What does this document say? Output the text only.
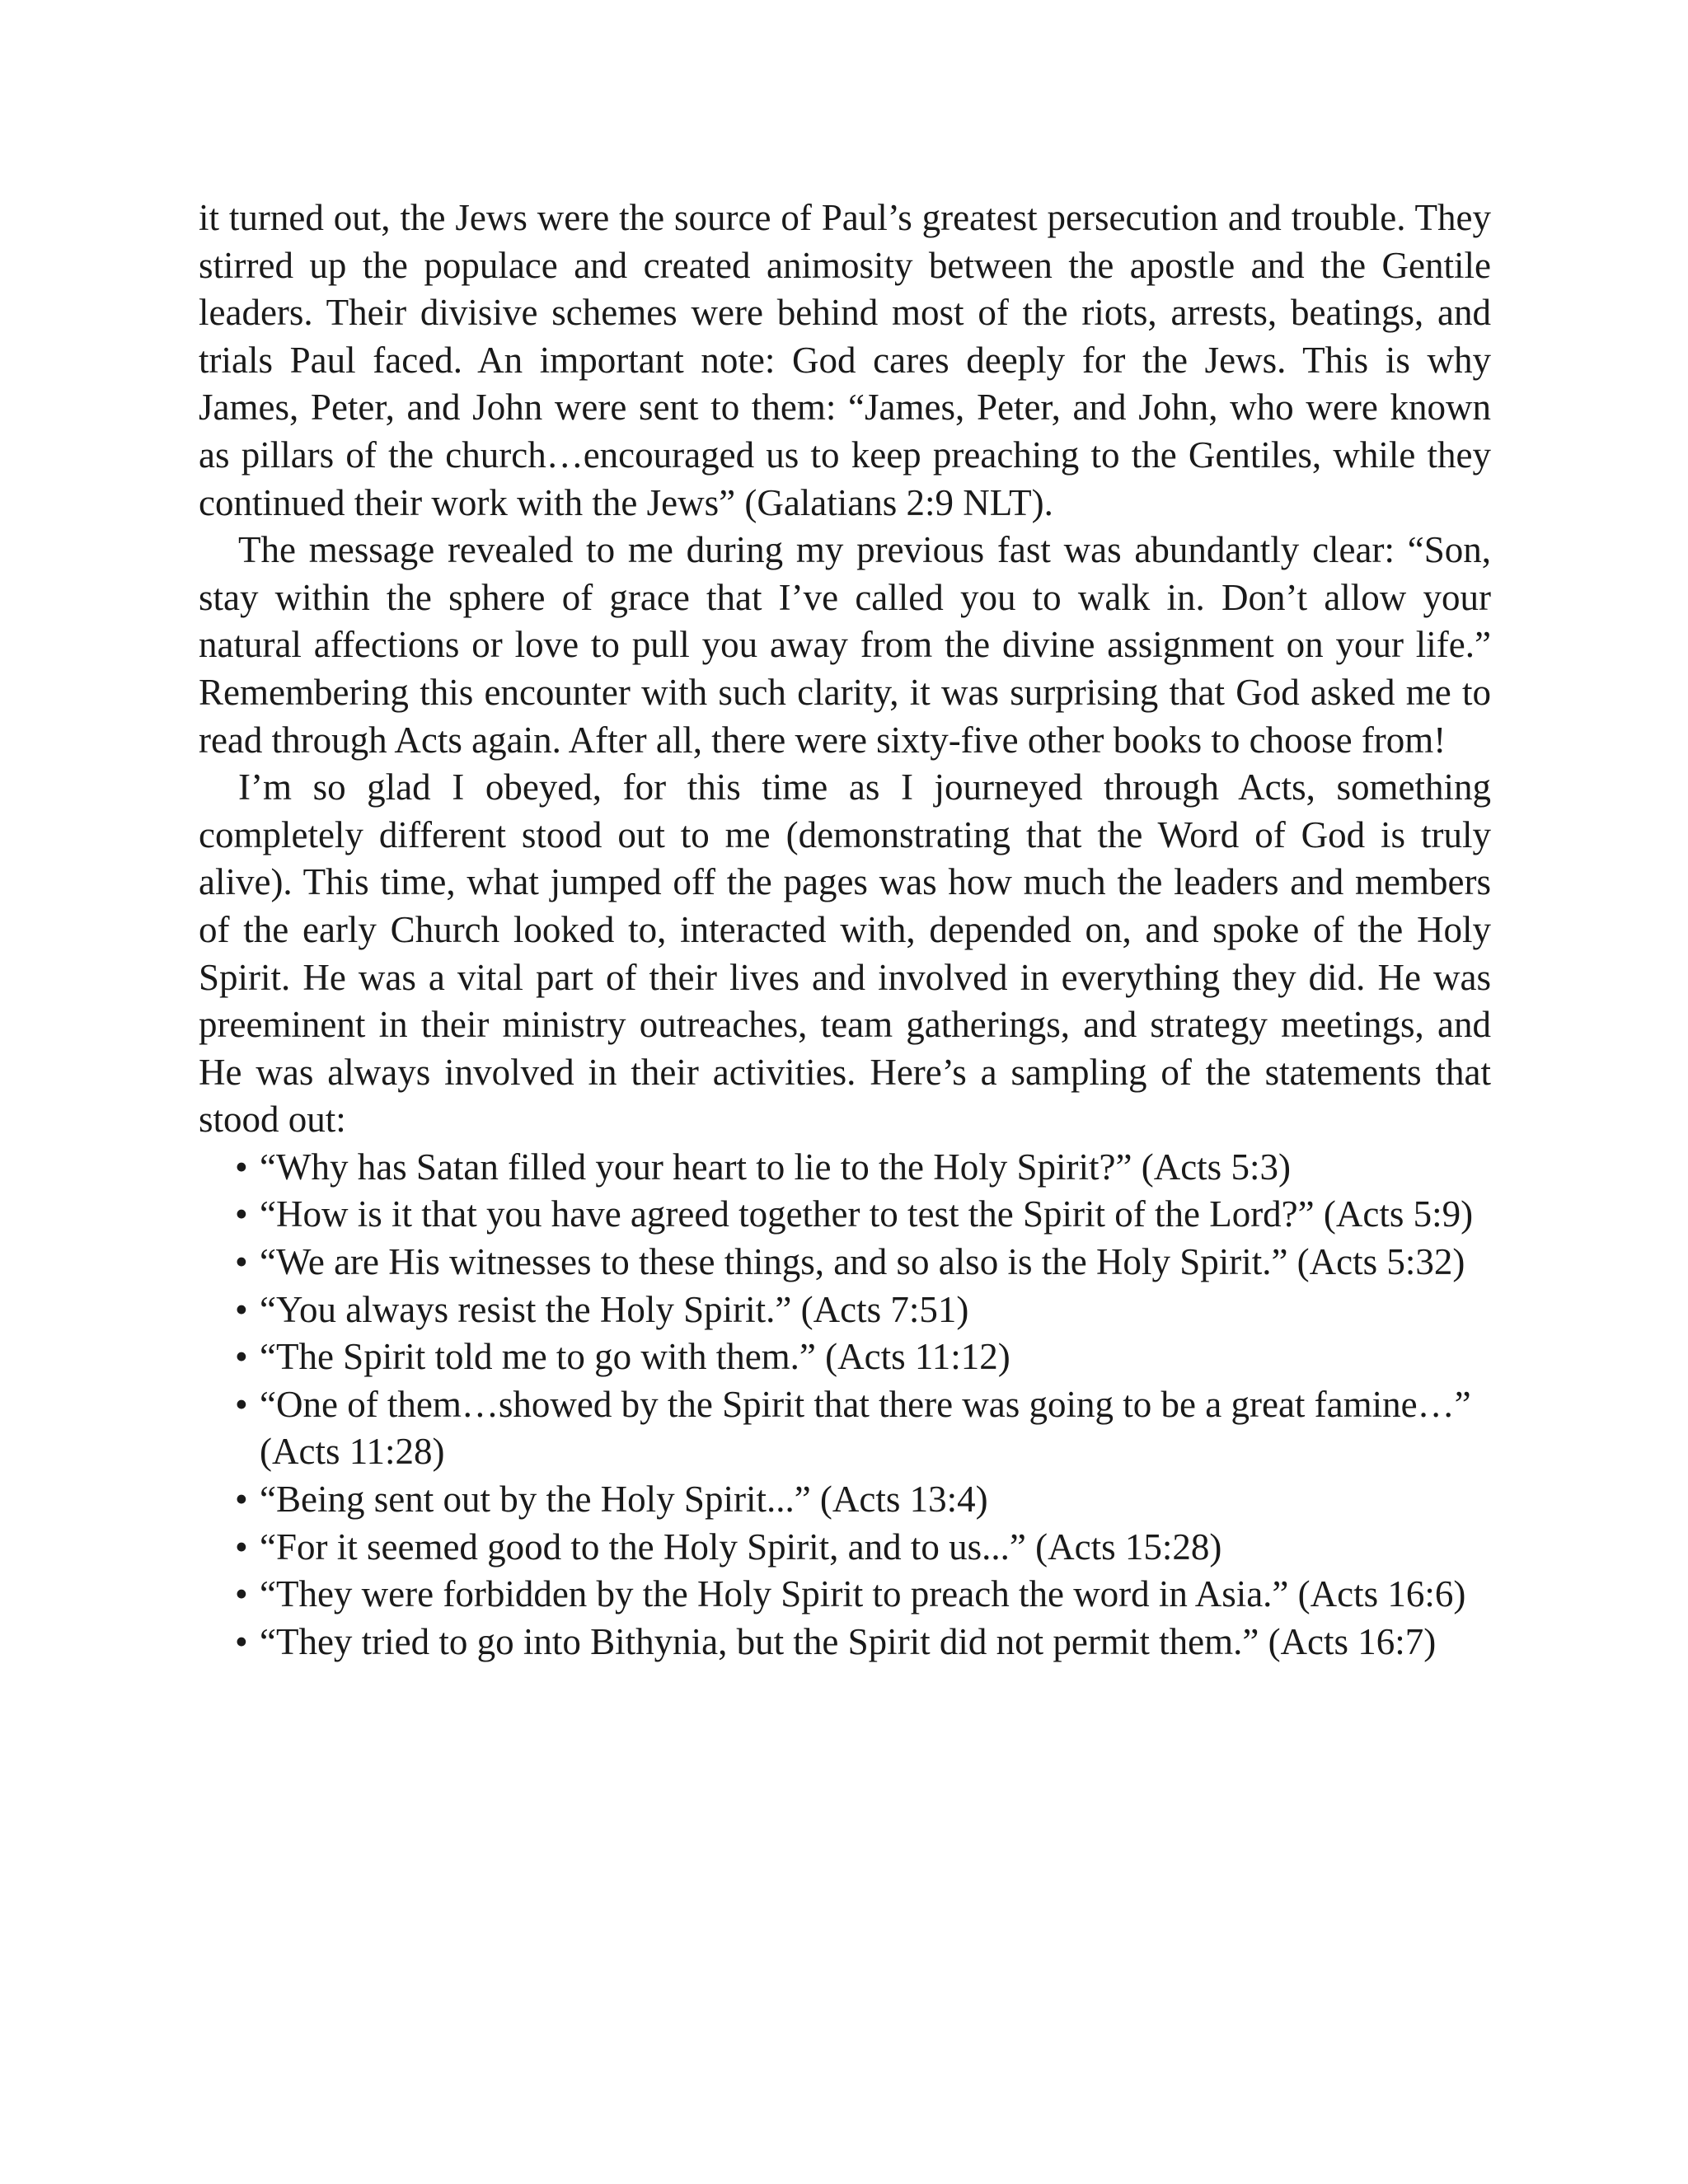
it turned out, the Jews were the source of Paul’s greatest persecution and trouble. They stirred up the populace and created animosity between the apostle and the Gentile leaders. Their divisive schemes were behind most of the riots, arrests, beatings, and trials Paul faced. An important note: God cares deeply for the Jews. This is why James, Peter, and John were sent to them: “James, Peter, and John, who were known as pillars of the church…encouraged us to keep preaching to the Gentiles, while they continued their work with the Jews” (Galatians 2:9 NLT).

The message revealed to me during my previous fast was abundantly clear: “Son, stay within the sphere of grace that I’ve called you to walk in. Don’t allow your natural affections or love to pull you away from the divine assignment on your life.” Remembering this encounter with such clarity, it was surprising that God asked me to read through Acts again. After all, there were sixty-five other books to choose from!

I’m so glad I obeyed, for this time as I journeyed through Acts, something completely different stood out to me (demonstrating that the Word of God is truly alive). This time, what jumped off the pages was how much the leaders and members of the early Church looked to, interacted with, depended on, and spoke of the Holy Spirit. He was a vital part of their lives and involved in everything they did. He was preeminent in their ministry outreaches, team gatherings, and strategy meetings, and He was always involved in their activities. Here’s a sampling of the statements that stood out:

• “Why has Satan filled your heart to lie to the Holy Spirit?” (Acts 5:3)
• “How is it that you have agreed together to test the Spirit of the Lord?” (Acts 5:9)
• “We are His witnesses to these things, and so also is the Holy Spirit.” (Acts 5:32)
• “You always resist the Holy Spirit.” (Acts 7:51)
• “The Spirit told me to go with them.” (Acts 11:12)
• “One of them…showed by the Spirit that there was going to be a great famine…” (Acts 11:28)
• “Being sent out by the Holy Spirit...” (Acts 13:4)
• “For it seemed good to the Holy Spirit, and to us...” (Acts 15:28)
• “They were forbidden by the Holy Spirit to preach the word in Asia.” (Acts 16:6)
• “They tried to go into Bithynia, but the Spirit did not permit them.” (Acts 16:7)
